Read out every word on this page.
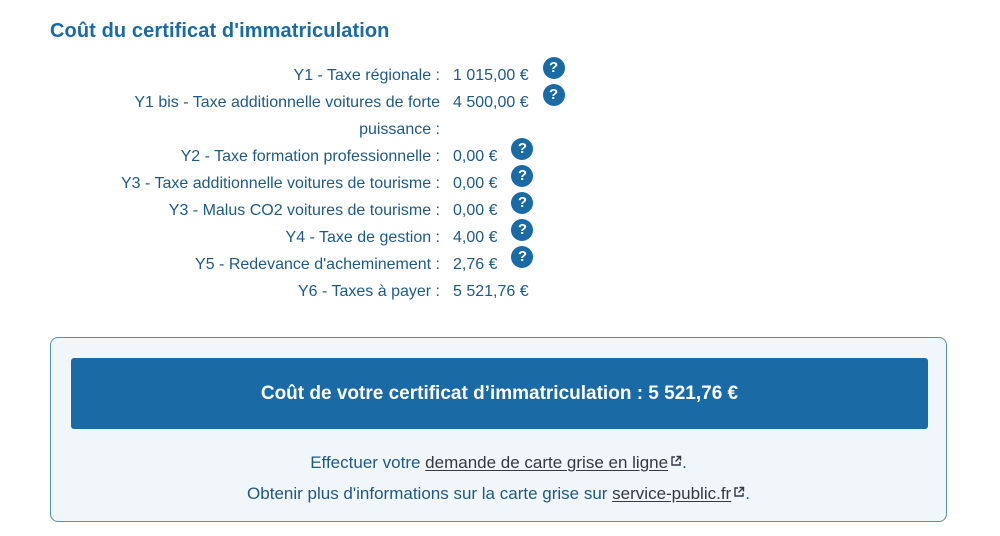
Coût du certificat d'immatriculation
Y1 - Taxe régionale : 1 015,00 €	?
Y1 bis - Taxe additionnelle voitures de forte puissance :
4 500,00 €	?
Y2 - Taxe formation professionnelle : 0,00 €	?
Y3 - Taxe additionnelle voitures de tourisme : 0,00 €	?
Y3 - Malus CO2 voitures de tourisme : 0,00 €	?
Y4 - Taxe de gestion : 4,00 €	?
Y5 - Redevance d'acheminement : 2,76 €	?
Y6 - Taxes à payer : 5 521,76 €
Coût de votre certificat d’immatriculation : 5 521,76 €
Effectuer votre demande de carte grise en ligne .
Obtenir plus d'informations sur la carte grise sur service-public.fr .
